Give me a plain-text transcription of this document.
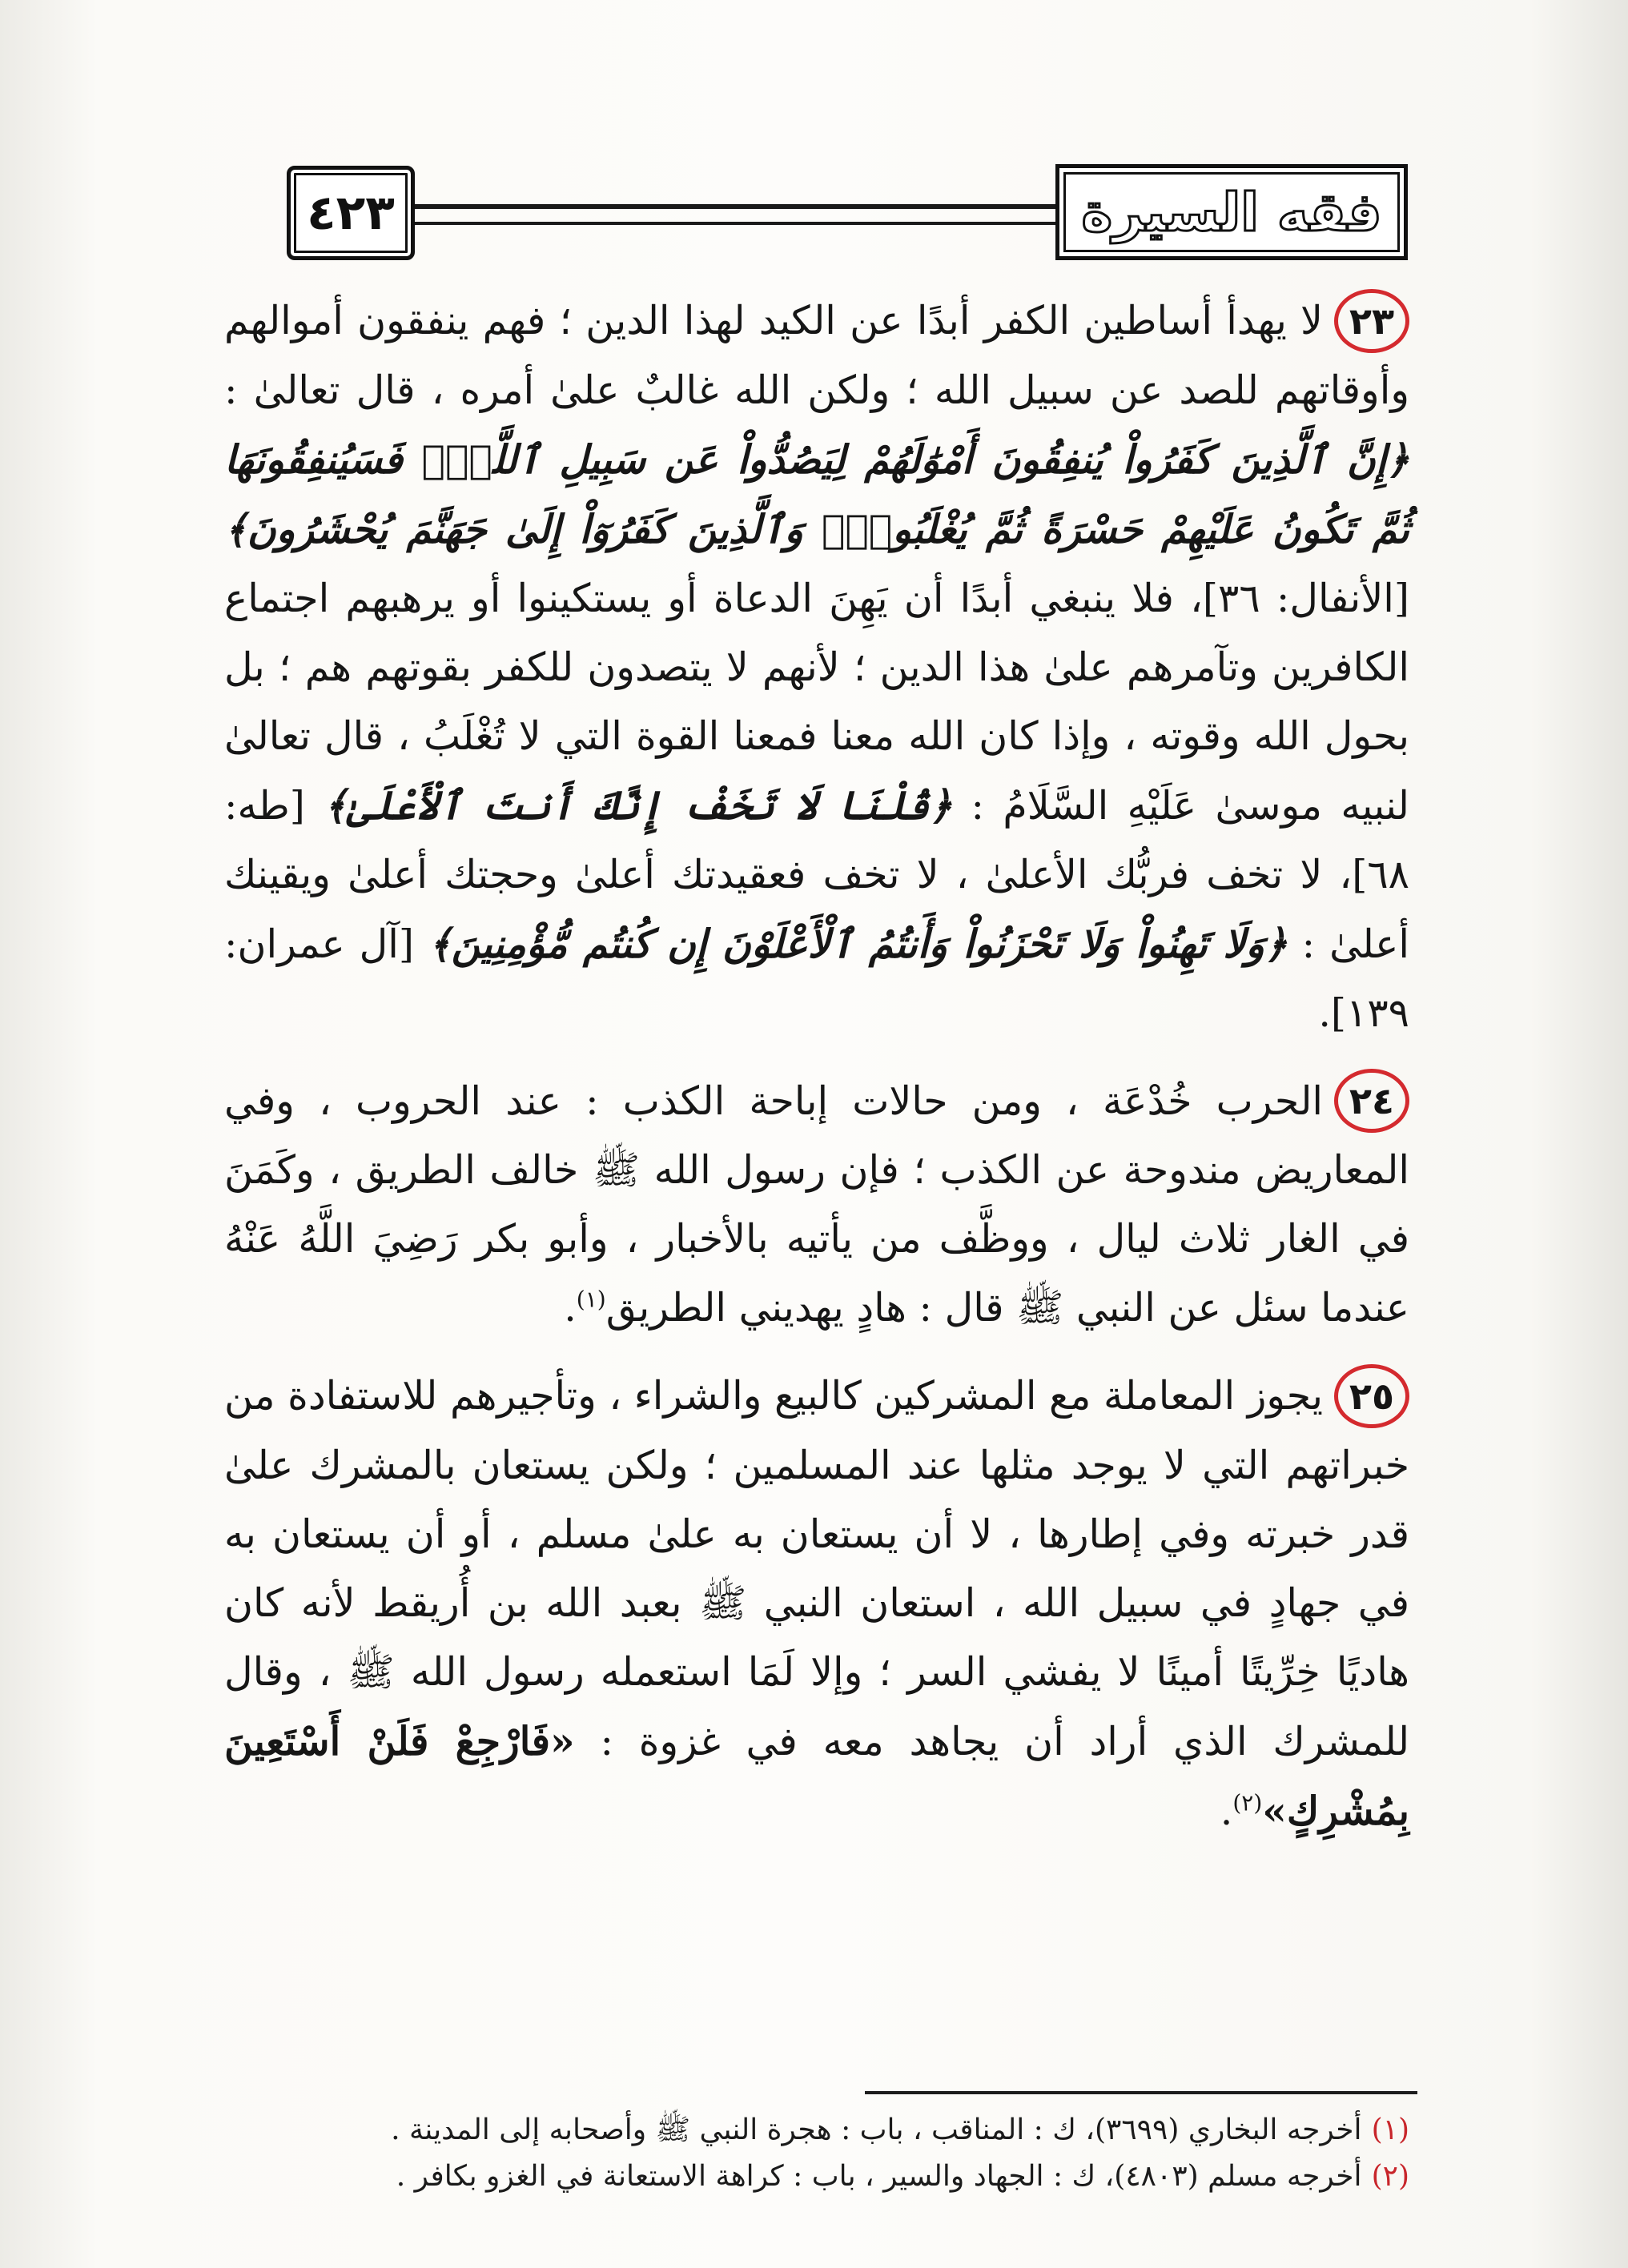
٤٢٣	فقه السيرة

٢٣لا يهدأ أساطين الكفر أبدًا عن الكيد لهذا الدين ؛ فهم ينفقون أموالهم وأوقاتهم للصد عن سبيل الله ؛ ولكن الله غالبٌ علىٰ أمره ، قال تعالىٰ : ﴿إِنَّ ٱلَّذِينَ كَفَرُواْ يُنفِقُونَ أَمْوَٰلَهُمْ لِيَصُدُّواْ عَن سَبِيلِ ٱللَّهِۚ فَسَيُنفِقُونَهَا ثُمَّ تَكُونُ عَلَيْهِمْ حَسْرَةً ثُمَّ يُغْلَبُونَۗ وَٱلَّذِينَ كَفَرُوٓاْ إِلَىٰ جَهَنَّمَ يُحْشَرُونَ﴾ [الأنفال: ٣٦]، فلا ينبغي أبدًا أن يَهِنَ الدعاة أو يستكينوا أو يرهبهم اجتماع الكافرين وتآمرهم علىٰ هذا الدين ؛ لأنهم لا يتصدون للكفر بقوتهم هم ؛ بل بحول الله وقوته ، وإذا كان الله معنا فمعنا القوة التي لا تُغْلَبُ ، قال تعالىٰ لنبيه موسىٰ عَلَيْهِ السَّلَامُ : ﴿قُلْنَا لَا تَخَفْ إِنَّكَ أَنتَ ٱلْأَعْلَىٰ﴾ [طه: ٦٨]، لا تخف فربُّك الأعلىٰ ، لا تخف فعقيدتك أعلىٰ وحجتك أعلىٰ ويقينك أعلىٰ : ﴿وَلَا تَهِنُواْ وَلَا تَحْزَنُواْ وَأَنتُمُ ٱلْأَعْلَوْنَ إِن كُنتُم مُّؤْمِنِينَ﴾ [آل عمران: ١٣٩].

٢٤الحرب خُدْعَة ، ومن حالات إباحة الكذب : عند الحروب ، وفي المعاريض مندوحة عن الكذب ؛ فإن رسول الله ﷺ خالف الطريق ، وكَمَنَ في الغار ثلاث ليال ، ووظَّف من يأتيه بالأخبار ، وأبو بكر رَضِيَ اللَّهُ عَنْهُ عندما سئل عن النبي ﷺ قال : هادٍ يهديني الطريق$^{(١)}$.

٢٥يجوز المعاملة مع المشركين كالبيع والشراء ، وتأجيرهم للاستفادة من خبراتهم التي لا يوجد مثلها عند المسلمين ؛ ولكن يستعان بالمشرك علىٰ قدر خبرته وفي إطارها ، لا أن يستعان به علىٰ مسلم ، أو أن يستعان به في جهادٍ في سبيل الله ، استعان النبي ﷺ بعبد الله بن أُريقط لأنه كان هاديًا خِرِّيتًا أمينًا لا يفشي السر ؛ وإلا لَمَا استعمله رسول الله ﷺ ، وقال للمشرك الذي أراد أن يجاهد معه في غزوة : «فَارْجِعْ فَلَنْ أَسْتَعِينَ بِمُشْرِكٍ»$^{(٢)}$.

(١)أخرجه البخاري (٣٦٩٩)، ك : المناقب ، باب : هجرة النبي ﷺ وأصحابه إلى المدينة .
(٢)أخرجه مسلم (٤٨٠٣)، ك : الجهاد والسير ، باب : كراهة الاستعانة في الغزو بكافر .
